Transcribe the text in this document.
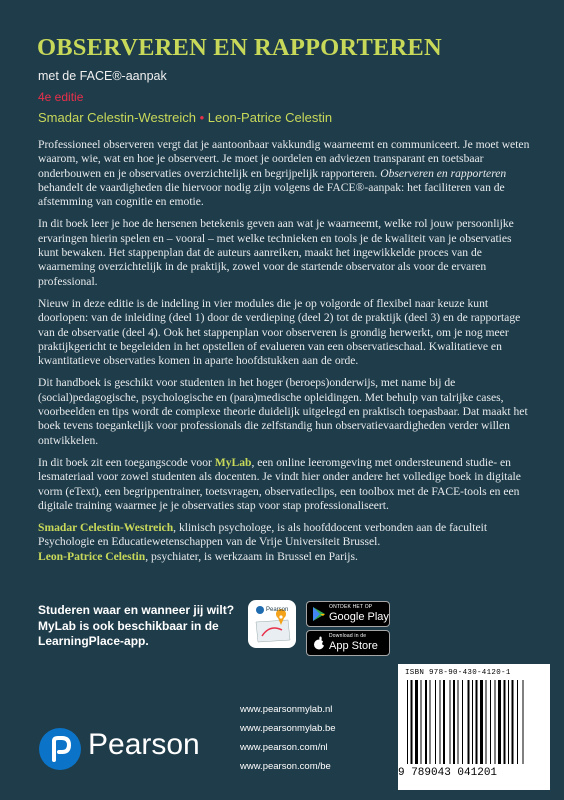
OBSERVEREN EN RAPPORTEREN
met de FACE®-aanpak
4e editie
Smadar Celestin-Westreich • Leon-Patrice Celestin

Professioneel observeren vergt dat je aantoonbaar vakkundig waarneemt en communiceert. Je moet weten waarom, wie, wat en hoe je observeert. Je moet je oordelen en adviezen transparant en toetsbaar onderbouwen en je observaties overzichtelijk en begrijpelijk rapporteren. Observeren en rapporteren behandelt de vaardigheden die hiervoor nodig zijn volgens de FACE®-aanpak: het faciliteren van de afstemming van cognitie en emotie.

In dit boek leer je hoe de hersenen betekenis geven aan wat je waarneemt, welke rol jouw persoonlijke ervaringen hierin spelen en – vooral – met welke technieken en tools je de kwaliteit van je observaties kunt bewaken. Het stappenplan dat de auteurs aanreiken, maakt het ingewikkelde proces van de waarneming overzichtelijk in de praktijk, zowel voor de startende observator als voor de ervaren professional.

Nieuw in deze editie is de indeling in vier modules die je op volgorde of flexibel naar keuze kunt doorlopen: van de inleiding (deel 1) door de verdieping (deel 2) tot de praktijk (deel 3) en de rapportage van de observatie (deel 4). Ook het stappenplan voor observeren is grondig herwerkt, om je nog meer praktijkgericht te begeleiden in het opstellen of evalueren van een observatieschaal. Kwalitatieve en kwantitatieve observaties komen in aparte hoofdstukken aan de orde.

Dit handboek is geschikt voor studenten in het hoger (beroeps)onderwijs, met name bij de (social)pedagogische, psychologische en (para)medische opleidingen. Met behulp van talrijke cases, voorbeelden en tips wordt de complexe theorie duidelijk uitgelegd en praktisch toepasbaar. Dat maakt het boek tevens toegankelijk voor professionals die zelfstandig hun observatievaardigheden verder willen ontwikkelen.

In dit boek zit een toegangscode voor MyLab, een online leeromgeving met ondersteunend studie- en lesmateriaal voor zowel studenten als docenten. Je vindt hier onder andere het volledige boek in digitale vorm (eText), een begrippentrainer, toetsvragen, observatieclips, een toolbox met de FACE-tools en een digitale training waarmee je je observaties stap voor stap professionaliseert.

Smadar Celestin-Westreich, klinisch psychologe, is als hoofddocent verbonden aan de faculteit Psychologie en Educatiewetenschappen van de Vrije Universiteit Brussel.
Leon-Patrice Celestin, psychiater, is werkzaam in Brussel en Parijs.

Studeren waar en wanneer jij wilt? MyLab is ook beschikbaar in de LearningPlace-app.
Pearson	ONTDEK HET OP
Google Play
Download in de
App Store
www.pearsonmylab.nl
www.pearsonmylab.be
www.pearson.com/nl
www.pearson.com/be
ISBN 978-90-430-4120-1
9 789043 041201
Pearson
